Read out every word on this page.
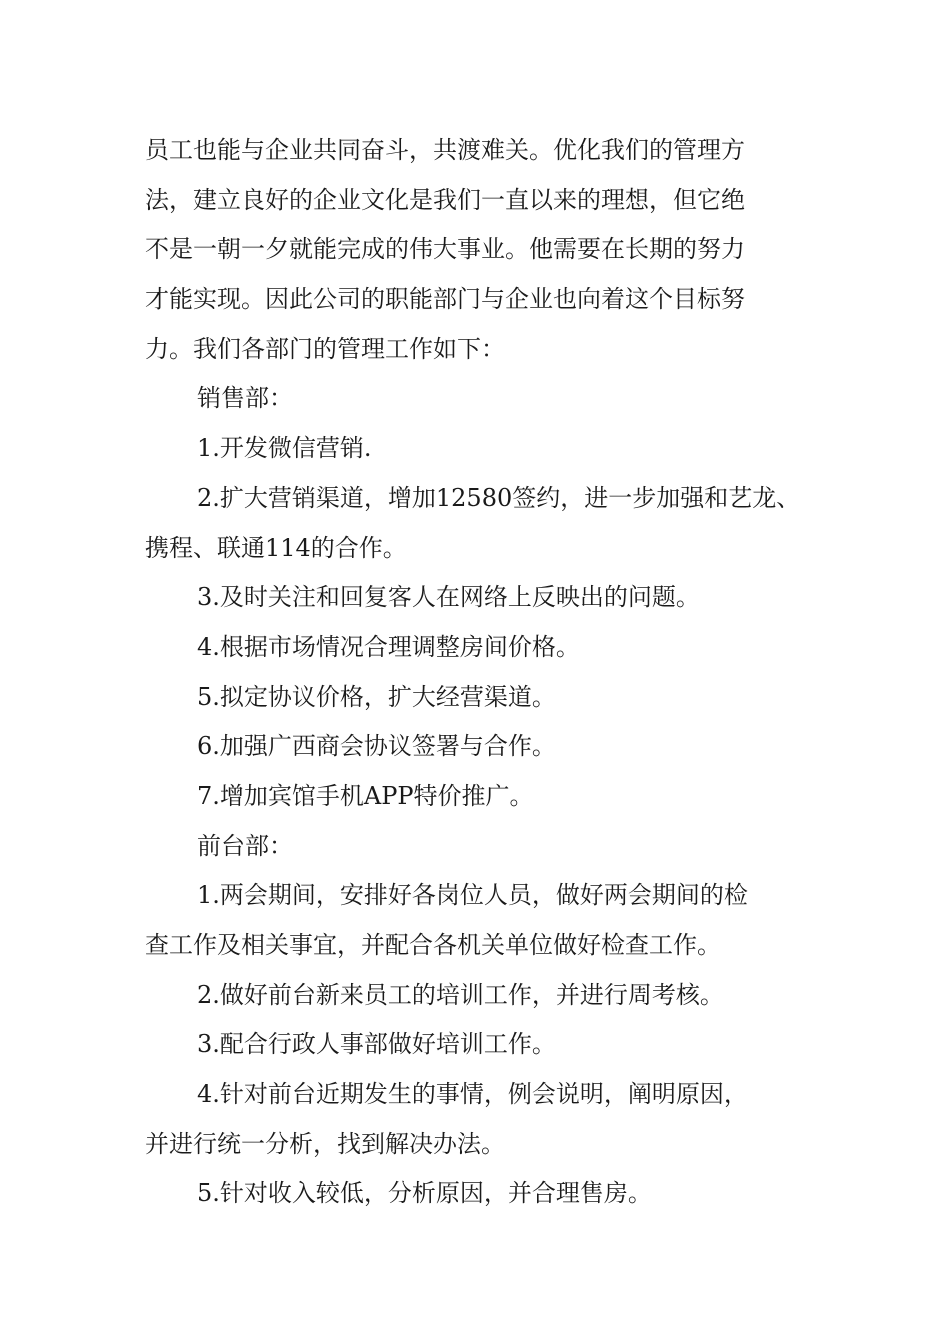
员工也能与企业共同奋斗，共渡难关。优化我们的管理方
法，建立良好的企业文化是我们一直以来的理想，但它绝
不是一朝一夕就能完成的伟大事业。他需要在长期的努力
才能实现。因此公司的职能部门与企业也向着这个目标努
力。我们各部门的管理工作如下：
销售部：
1.开发微信营销.
2.扩大营销渠道，增加12580签约，进一步加强和艺龙、
携程、联通114的合作。
3.及时关注和回复客人在网络上反映出的问题。
4.根据市场情况合理调整房间价格。
5.拟定协议价格，扩大经营渠道。
6.加强广西商会协议签署与合作。
7.增加宾馆手机APP特价推广。
前台部：
1.两会期间，安排好各岗位人员，做好两会期间的检
查工作及相关事宜，并配合各机关单位做好检查工作。
2.做好前台新来员工的培训工作，并进行周考核。
3.配合行政人事部做好培训工作。
4.针对前台近期发生的事情，例会说明，阐明原因，
并进行统一分析，找到解决办法。
5.针对收入较低，分析原因，并合理售房。
